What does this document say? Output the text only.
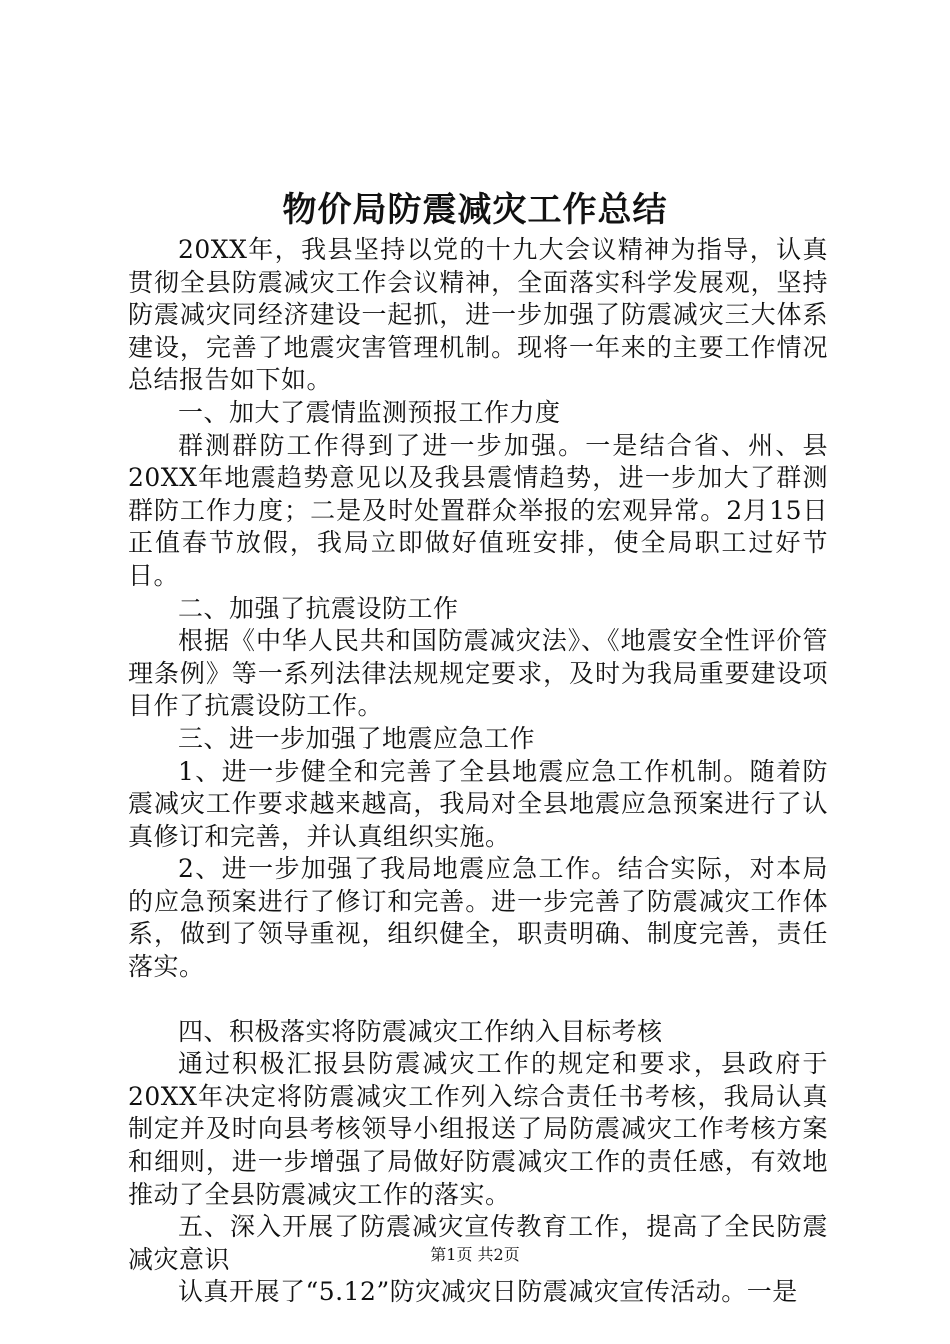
物价局防震减灾工作总结

20XX年，我县坚持以党的十九大会议精神为指导，认真贯彻全县防震减灾工作会议精神，全面落实科学发展观，坚持防震减灾同经济建设一起抓，进一步加强了防震减灾三大体系建设，完善了地震灾害管理机制。现将一年来的主要工作情况总结报告如下如。

一、加大了震情监测预报工作力度

群测群防工作得到了进一步加强。一是结合省、州、县20XX年地震趋势意见以及我县震情趋势，进一步加大了群测群防工作力度；二是及时处置群众举报的宏观异常。2月15日正值春节放假，我局立即做好值班安排，使全局职工过好节日。

二、加强了抗震设防工作

根据《中华人民共和国防震减灾法》、《地震安全性评价管理条例》等一系列法律法规规定要求，及时为我局重要建设项目作了抗震设防工作。

三、进一步加强了地震应急工作

1、进一步健全和完善了全县地震应急工作机制。随着防震减灾工作要求越来越高，我局对全县地震应急预案进行了认真修订和完善，并认真组织实施。

2、进一步加强了我局地震应急工作。结合实际，对本局的应急预案进行了修订和完善。进一步完善了防震减灾工作体系，做到了领导重视，组织健全，职责明确、制度完善，责任落实。

四、积极落实将防震减灾工作纳入目标考核

通过积极汇报县防震减灾工作的规定和要求，县政府于20XX年决定将防震减灾工作列入综合责任书考核，我局认真制定并及时向县考核领导小组报送了局防震减灾工作考核方案和细则，进一步增强了局做好防震减灾工作的责任感，有效地推动了全县防震减灾工作的落实。

五、深入开展了防震减灾宣传教育工作，提高了全民防震减灾意识

认真开展了“5.12”防灾减灾日防震减灾宣传活动。一是

第1页 共2页
